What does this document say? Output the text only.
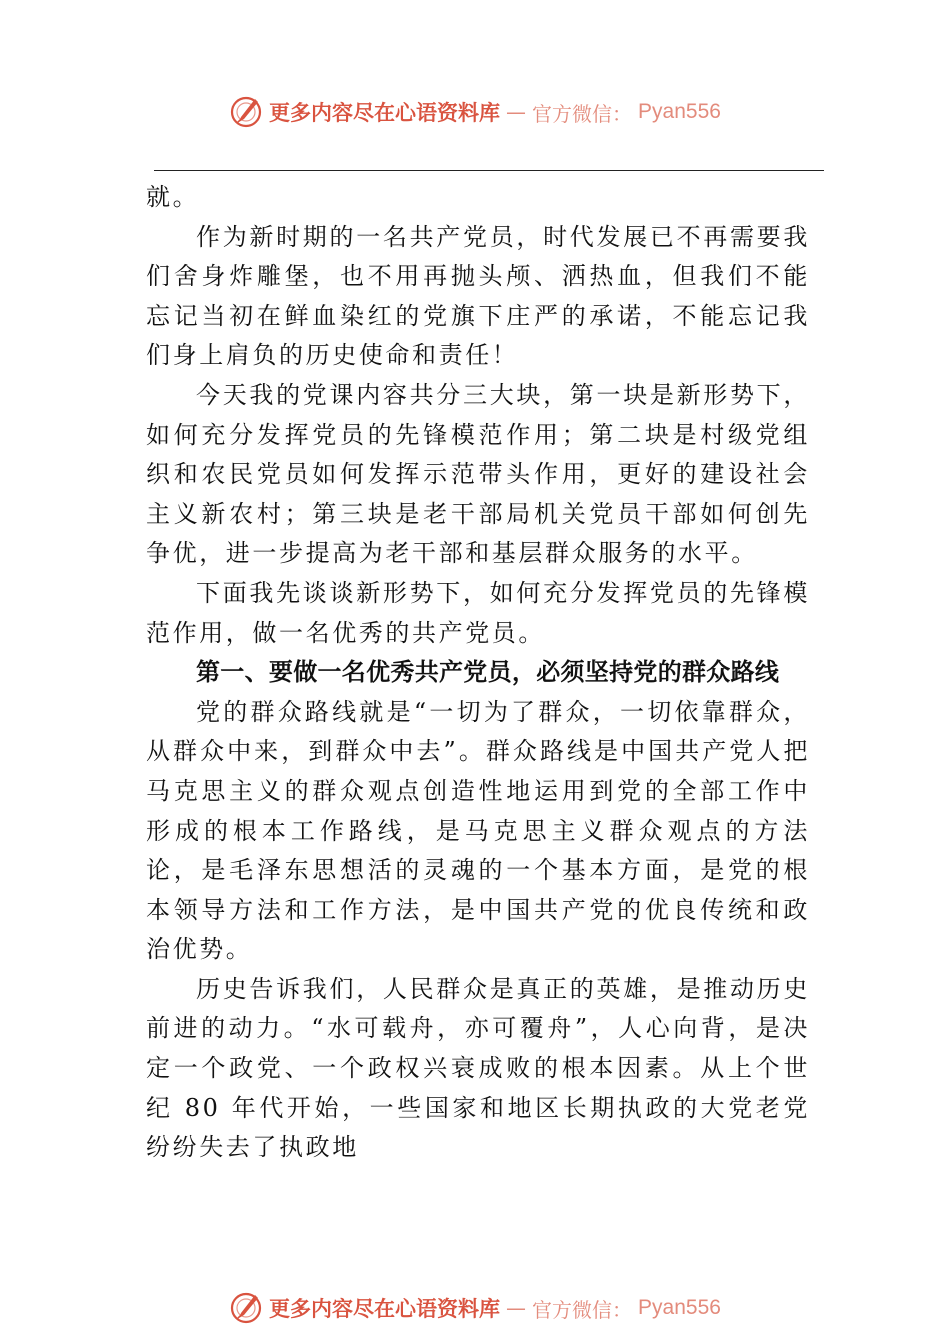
更多内容尽在心语资料库 — 官方微信： Pyan556

就。

作为新时期的一名共产党员，时代发展已不再需要我们舍身炸雕堡，也不用再抛头颅、洒热血，但我们不能忘记当初在鲜血染红的党旗下庄严的承诺，不能忘记我们身上肩负的历史使命和责任！

今天我的党课内容共分三大块，第一块是新形势下，如何充分发挥党员的先锋模范作用；第二块是村级党组织和农民党员如何发挥示范带头作用，更好的建设社会主义新农村；第三块是老干部局机关党员干部如何创先争优，进一步提高为老干部和基层群众服务的水平。

下面我先谈谈新形势下，如何充分发挥党员的先锋模范作用，做一名优秀的共产党员。

第一、要做一名优秀共产党员，必须坚持党的群众路线

党的群众路线就是“一切为了群众，一切依靠群众，从群众中来，到群众中去”。群众路线是中国共产党人把马克思主义的群众观点创造性地运用到党的全部工作中形成的根本工作路线，是马克思主义群众观点的方法论，是毛泽东思想活的灵魂的一个基本方面，是党的根本领导方法和工作方法，是中国共产党的优良传统和政治优势。

历史告诉我们，人民群众是真正的英雄，是推动历史前进的动力。“水可载舟，亦可覆舟”，人心向背，是决定一个政党、一个政权兴衰成败的根本因素。从上个世纪 80 年代开始，一些国家和地区长期执政的大党老党纷纷失去了执政地

更多内容尽在心语资料库 — 官方微信： Pyan556
